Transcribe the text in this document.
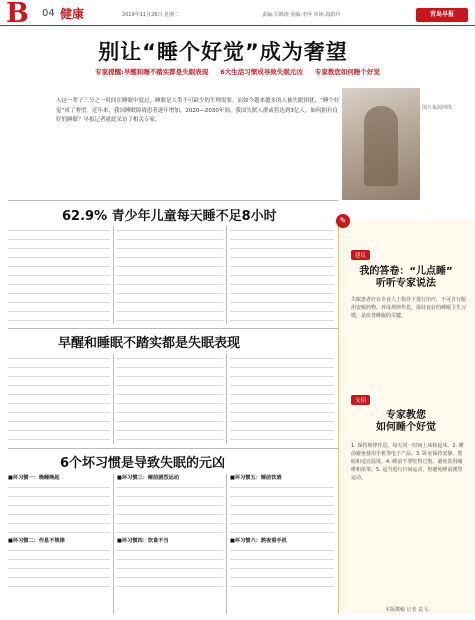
B 04 健康	2019年11月26日 星期二	责编:关锦涛 美编:李萍 审读:周蔚玲	青岛早报
别让“睡个好觉”成为奢望
专家提醒:早醒和睡不踏实都是失眠表现 6大生活习惯成导致失眠元凶 专家教您如何睡个好觉
人这一辈子三分之一时间在睡眠中度过，睡眠是人类不可缺少的生理需要。而如今越来越多的人被失眠困扰，“睡个好觉”成了奢望。近年来，我国睡眠障碍患者逐年增加，2020—2030年间，我国失眠人群或将达到3亿人。如何拥有良好的睡眠？早报记者就此采访了相关专家。
图片来源网络
62.9% 青少年儿童每天睡不足8小时
早醒和睡眠不踏实都是失眠表现
6个坏习惯是导致失眠的元凶
■坏习惯一：晚睡晚起
■坏习惯二：作息不规律
■坏习惯三：睡前剧烈运动
■坏习惯四：饮食不当
■坏习惯五：睡前饮酒
■坏习惯六：熬夜看手机
建议
我的答卷：“儿点睡”
听听专家说法
失眠患者应在专业人士指导下进行治疗，不可自行服用安眠药物。养成规律作息，保持良好的睡眠卫生习惯，是改善睡眠的关键。
支招
专家教您
如何睡个好觉
1. 保持规律作息，每天同一时间上床和起床。2. 睡前避免使用手机等电子产品。3. 卧室保持安静、黑暗和适宜温度。4. 睡前不要吃得过饱，避免饮用咖啡和浓茶。5. 适当进行日间运动，但避免睡前剧烈运动。
✎
本版撰稿 记者 袁飞
